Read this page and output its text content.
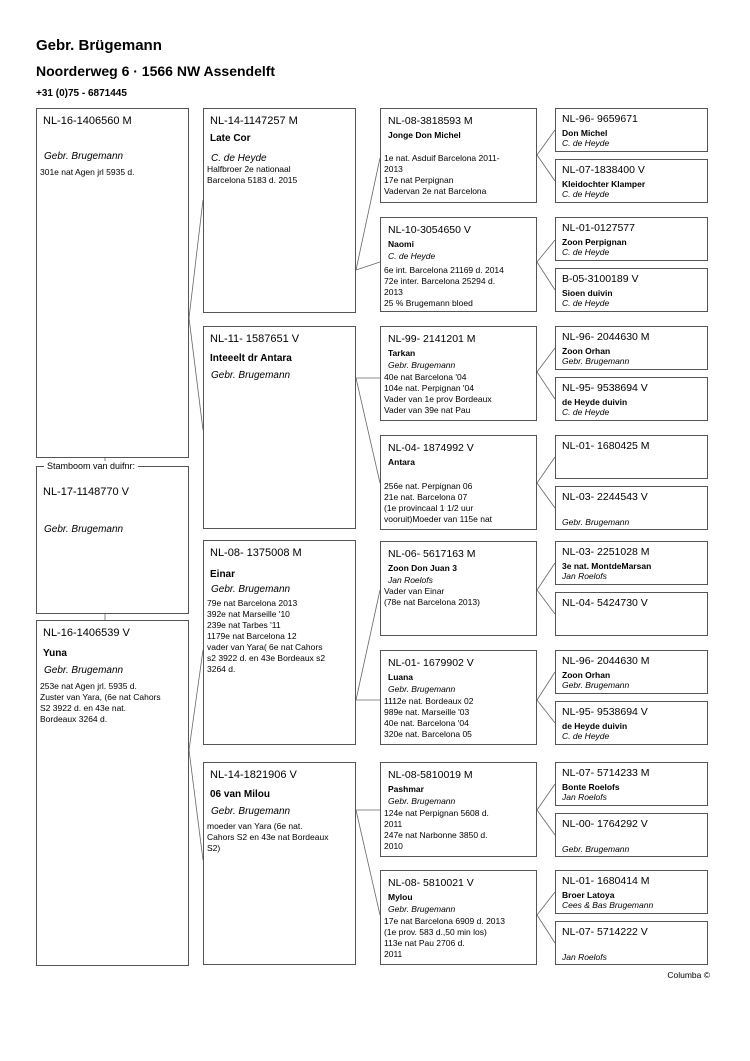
Gebr. Brügemann
Noorderweg 6 · 1566 NW Assendelft
+31 (0)75 - 6871445
NL-16-1406560 M
Gebr. Brugemann
301e nat Agen jrl 5935 d.
NL-17-1148770 V
Gebr. Brugemann
Stamboom van duifnr:
NL-16-1406539 V
Yuna
Gebr. Brugemann
253e nat Agen jrl. 5935 d.
Zuster van Yara, (6e nat Cahors
S2 3922 d. en 43e nat.
Bordeaux 3264 d.
NL-14-1147257 M
Late Cor
C. de Heyde
Halfbroer 2e nationaal
Barcelona 5183 d. 2015
NL-11- 1587651 V
Inteeelt dr Antara
Gebr. Brugemann
NL-08- 1375008 M
Einar
Gebr. Brugemann
79e nat Barcelona 2013
392e nat Marseille '10
239e nat Tarbes '11
1179e nat Barcelona 12
vader van Yara( 6e nat Cahors
s2 3922 d. en 43e Bordeaux s2
3264 d.
NL-14-1821906 V
06 van Milou
Gebr. Brugemann
moeder van Yara (6e nat.
Cahors S2 en 43e nat Bordeaux
S2)
NL-08-3818593 M
Jonge Don Michel
1e nat. Asduif Barcelona 2011-
2013
17e nat Perpignan
Vadervan 2e nat Barcelona
NL-10-3054650 V
Naomi
C. de Heyde
6e int. Barcelona 21169 d. 2014
72e inter. Barcelona 25294 d.
2013
25 % Brugemann bloed
NL-99- 2141201 M
Tarkan
Gebr. Brugemann
40e nat Barcelona '04
104e nat. Perpignan '04
Vader van 1e prov Bordeaux
Vader van 39e nat Pau
NL-04- 1874992 V
Antara
256e nat. Perpignan 06
21e nat. Barcelona 07
(1e provincaal 1 1/2 uur
vooruit)Moeder van 115e nat
NL-06- 5617163 M
Zoon Don Juan 3
Jan Roelofs
Vader van Einar
(78e nat Barcelona 2013)
NL-01- 1679902 V
Luana
Gebr. Brugemann
1112e nat. Bordeaux 02
989e nat. Marseille '03
40e nat. Barcelona '04
320e nat. Barcelona 05
NL-08-5810019 M
Pashmar
Gebr. Brugemann
124e nat Perpignan 5608 d.
2011
247e nat Narbonne 3850 d.
2010
NL-08- 5810021 V
Mylou
Gebr. Brugemann
17e nat Barcelona 6909 d. 2013
(1e prov. 583 d.,50 min los)
113e nat Pau 2706 d.
2011
NL-96- 9659671
Don Michel
C. de Heyde
NL-07-1838400 V
Kleidochter Klamper
C. de Heyde
NL-01-0127577
Zoon Perpignan
C. de Heyde
B-05-3100189 V
Sioen duivin
C. de Heyde
NL-96- 2044630 M
Zoon Orhan
Gebr. Brugemann
NL-95- 9538694 V
de Heyde duivin
C. de Heyde
NL-01- 1680425 M
NL-03- 2244543 V
Gebr. Brugemann
NL-03- 2251028 M
3e nat. MontdeMarsan
Jan Roelofs
NL-04- 5424730 V
NL-96- 2044630 M
Zoon Orhan
Gebr. Brugemann
NL-95- 9538694 V
de Heyde duivin
C. de Heyde
NL-07- 5714233 M
Bonte Roelofs
Jan Roelofs
NL-00- 1764292 V
Gebr. Brugemann
NL-01- 1680414 M
Broer Latoya
Cees & Bas Brugemann
NL-07- 5714222 V
Jan Roelofs
Columba ©
